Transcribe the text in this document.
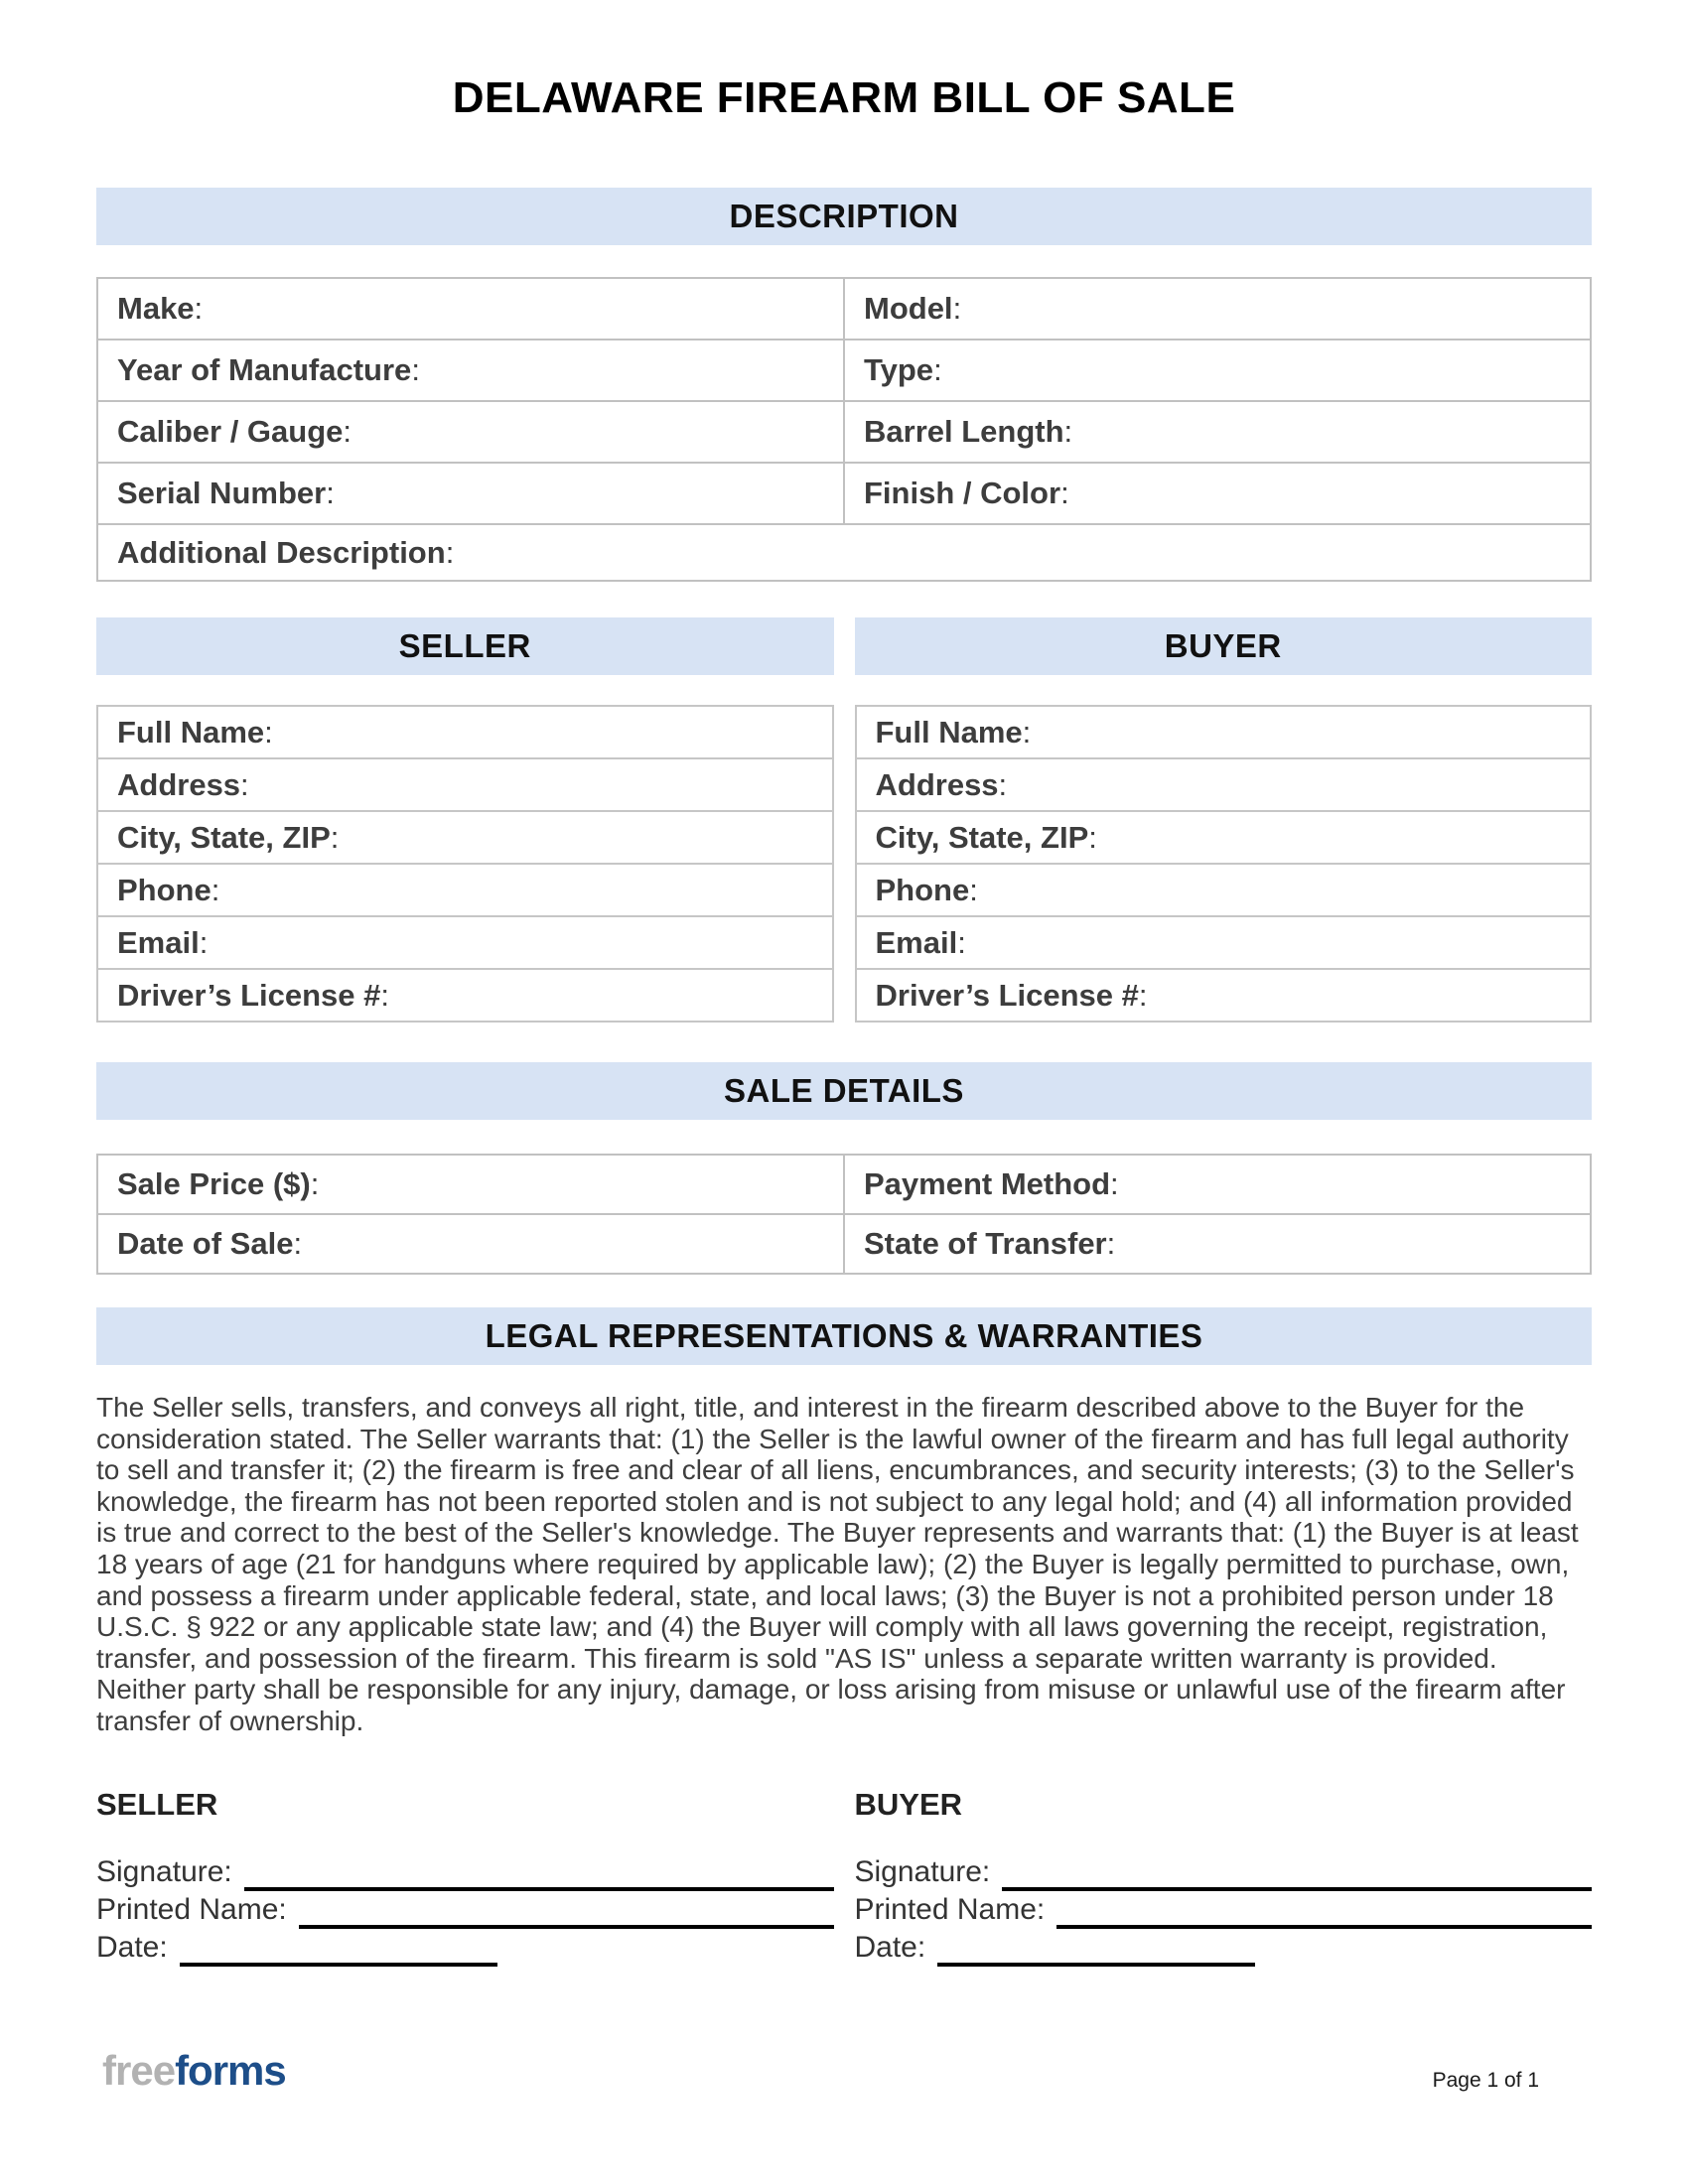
DELAWARE FIREARM BILL OF SALE
DESCRIPTION
Make:	Model:
Year of Manufacture:	Type:
Caliber / Gauge:	Barrel Length:
Serial Number:	Finish / Color:
Additional Description:	
SELLER
Full Name:
Address:
City, State, ZIP:
Phone:
Email:
Driver’s License #:
BUYER
Full Name:
Address:
City, State, ZIP:
Phone:
Email:
Driver’s License #:
SALE DETAILS
Sale Price ($):	Payment Method:
Date of Sale:	State of Transfer:
LEGAL REPRESENTATIONS & WARRANTIES

The Seller sells, transfers, and conveys all right, title, and interest in the firearm described above to the Buyer for the consideration stated. The Seller warrants that: (1) the Seller is the lawful owner of the firearm and has full legal authority to sell and transfer it; (2) the firearm is free and clear of all liens, encumbrances, and security interests; (3) to the Seller's knowledge, the firearm has not been reported stolen and is not subject to any legal hold; and (4) all information provided is true and correct to the best of the Seller's knowledge. The Buyer represents and warrants that: (1) the Buyer is at least 18 years of age (21 for handguns where required by applicable law); (2) the Buyer is legally permitted to purchase, own, and possess a firearm under applicable federal, state, and local laws; (3) the Buyer is not a prohibited person under 18 U.S.C. § 922 or any applicable state law; and (4) the Buyer will comply with all laws governing the receipt, registration, transfer, and possession of the firearm. This firearm is sold "AS IS" unless a separate written warranty is provided. Neither party shall be responsible for any injury, damage, or loss arising from misuse or unlawful use of the firearm after transfer of ownership.

SELLER
Signature:
Printed Name:
Date:
BUYER
Signature:
Printed Name:
Date:
freeforms	Page 1 of 1
